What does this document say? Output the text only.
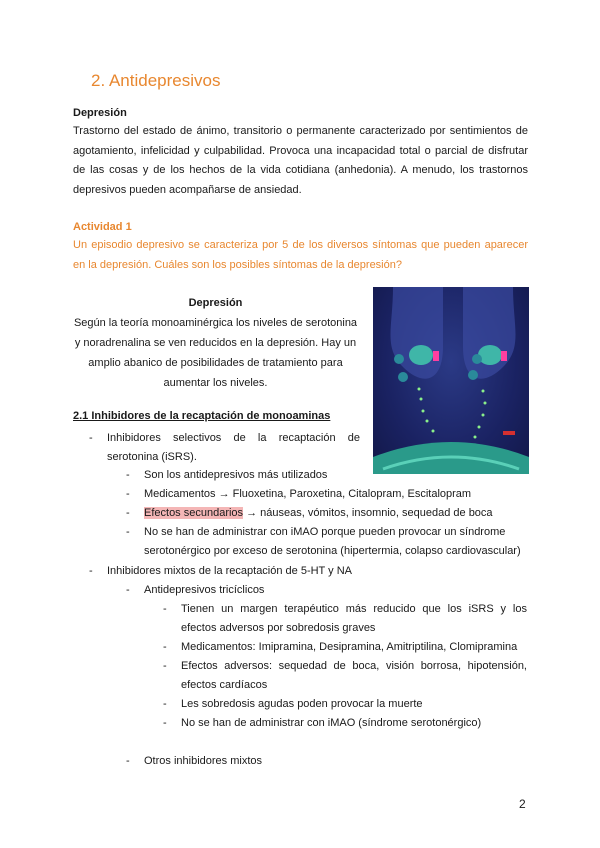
2. Antidepresivos
Depresión
Trastorno del estado de ánimo, transitorio o permanente caracterizado por sentimientos de agotamiento, infelicidad y culpabilidad. Provoca una incapacidad total o parcial de disfrutar de las cosas y de los hechos de la vida cotidiana (anhedonia). A menudo, los trastornos depresivos pueden acompañarse de ansiedad.
Actividad 1
Un episodio depresivo se caracteriza por 5 de los diversos síntomas que pueden aparecer en la depresión. Cuáles son los posibles síntomas de la depresión?
Depresión
Según la teoría monoaminérgica los niveles de serotonina y noradrenalina se ven reducidos en la depresión. Hay un amplio abanico de posibilidades de tratamiento para aumentar los niveles.
2.1 Inhibidores de la recaptación de monoaminas
- Inhibidores selectivos de la recaptación de serotonina (iSRS).
- Son los antidepresivos más utilizados
- Medicamentos → Fluoxetina, Paroxetina, Citalopram, Escitalopram
- Efectos secundarios → náuseas, vómitos, insomnio, sequedad de boca
- No se han de administrar con iMAO porque pueden provocar un síndrome serotonérgico por exceso de serotonina (hipertermia, colapso cardiovascular)
- Inhibidores mixtos de la recaptación de 5-HT y NA
- Antidepresivos tricíclicos
- Tienen un margen terapéutico más reducido que los iSRS y los efectos adversos por sobredosis graves
- Medicamentos: Imipramina, Desipramina, Amitriptilina, Clomipramina
- Efectos adversos: sequedad de boca, visión borrosa, hipotensión, efectos cardíacos
- Les sobredosis agudas poden provocar la muerte
- No se han de administrar con iMAO (síndrome serotonérgico)
- Otros inhibidores mixtos
2
